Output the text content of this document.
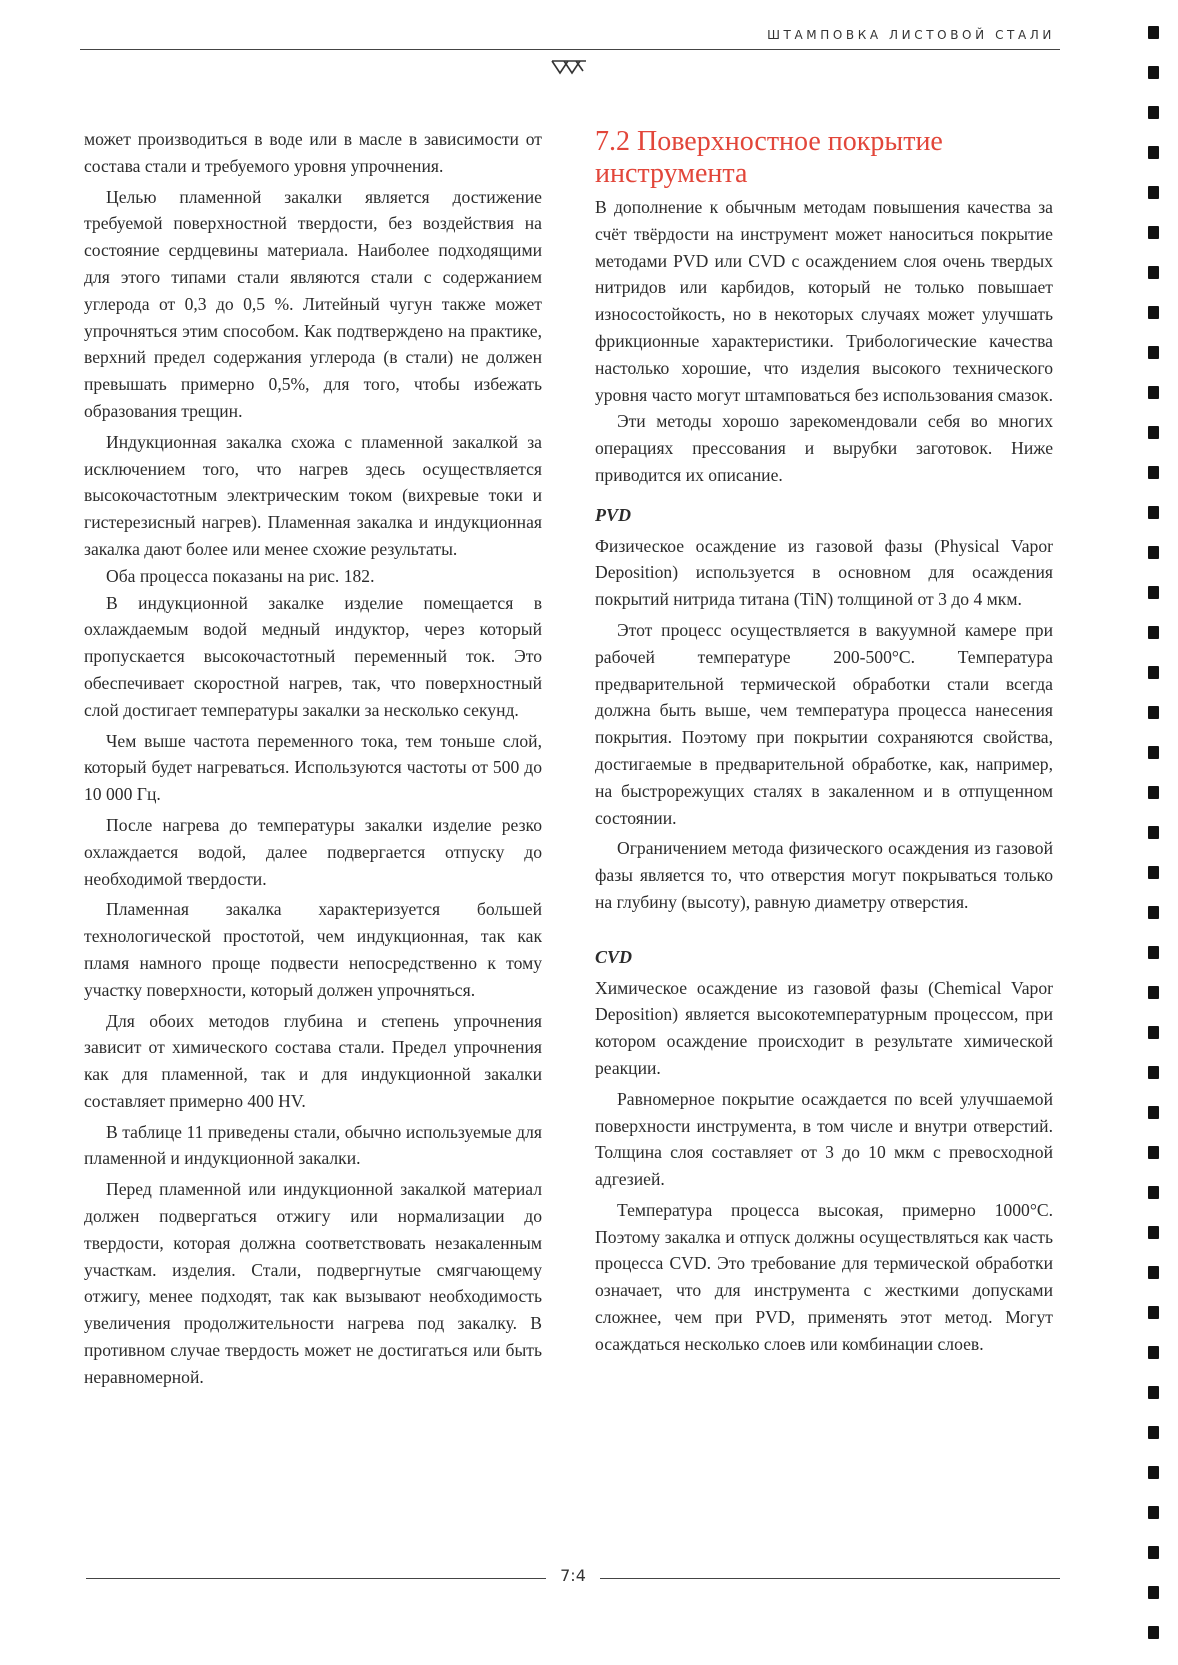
ШТАМПОВКА ЛИСТОВОЙ СТАЛИ

может производиться в воде или в масле в зависимости от состава стали и требуемого уровня упрочнения.

Целью пламенной закалки является достижение требуемой поверхностной твердости, без воздействия на состояние сердцевины материала. Наиболее подходящими для этого типами стали являются стали с содержанием углерода от 0,3 до 0,5 %. Литейный чугун также может упрочняться этим способом. Как подтверждено на практике, верхний предел содержания углерода (в стали) не должен превышать примерно 0,5%, для того, чтобы избежать образования трещин.

Индукционная закалка схожа с пламенной закалкой за исключением того, что нагрев здесь осуществляется высокочастотным электрическим током (вихревые токи и гистерезисный нагрев). Пламенная закалка и индукционная закалка дают более или менее схожие результаты.

Оба процесса показаны на рис. 182.

В индукционной закалке изделие помещается в охлаждаемым водой медный индуктор, через который пропускается высокочастотный переменный ток. Это обеспечивает скоростной нагрев, так, что поверхностный слой достигает температуры закалки за несколько секунд.

Чем выше частота переменного тока, тем тоньше слой, который будет нагреваться. Используются частоты от 500 до 10 000 Гц.

После нагрева до температуры закалки изделие резко охлаждается водой, далее подвергается отпуску до необходимой твердости.

Пламенная закалка характеризуется большей технологической простотой, чем индукционная, так как пламя намного проще подвести непосредственно к тому участку поверхности, который должен упрочняться.

Для обоих методов глубина и степень упрочнения зависит от химического состава стали. Предел упрочнения как для пламенной, так и для индукционной закалки составляет примерно 400 HV.

В таблице 11 приведены стали, обычно используемые для пламенной и индукционной закалки.

Перед пламенной или индукционной закалкой материал должен подвергаться отжигу или нормализации до твердости, которая должна соответствовать незакаленным участкам. изделия. Стали, подвергнутые смягчающему отжигу, менее подходят, так как вызывают необходимость увеличения продолжительности нагрева под закалку. В противном случае твердость может не достигаться или быть неравномерной.

7.2 Поверхностное покрытие инструмента

В дополнение к обычным методам повышения качества за счёт твёрдости на инструмент может наноситься покрытие методами PVD или CVD с осаждением слоя очень твердых нитридов или карбидов, который не только повышает износостойкость, но в некоторых случаях может улучшать фрикционные характеристики. Трибологические качества настолько хорошие, что изделия высокого технического уровня часто могут штамповаться без использования смазок.

Эти методы хорошо зарекомендовали себя во многих операциях прессования и вырубки заготовок. Ниже приводится их описание.

PVD

Физическое осаждение из газовой фазы (Physical Vapor Deposition) используется в основном для осаждения покрытий нитрида титана (TiN) толщиной от 3 до 4 мкм.

Этот процесс осуществляется в вакуумной камере при рабочей температуре 200-500°C. Температура предварительной термической обработки стали всегда должна быть выше, чем температура процесса нанесения покрытия. Поэтому при покрытии сохраняются свойства, достигаемые в предварительной обработке, как, например, на быстрорежущих сталях в закаленном и в отпущенном состоянии.

Ограничением метода физического осаждения из газовой фазы является то, что отверстия могут покрываться только на глубину (высоту), равную диаметру отверстия.

CVD

Химическое осаждение из газовой фазы (Chemical Vapor Deposition) является высокотемпературным процессом, при котором осаждение происходит в результате химической реакции.

Равномерное покрытие осаждается по всей улучшаемой поверхности инструмента, в том числе и внутри отверстий. Толщина слоя составляет от 3 до 10 мкм с превосходной адгезией.

Температура процесса высокая, примерно 1000°C. Поэтому закалка и отпуск должны осуществляться как часть процесса CVD. Это требование для термической обработки означает, что для инструмента с жесткими допусками сложнее, чем при PVD, применять этот метод. Могут осаждаться несколько слоев или комбинации слоев.

7:4
